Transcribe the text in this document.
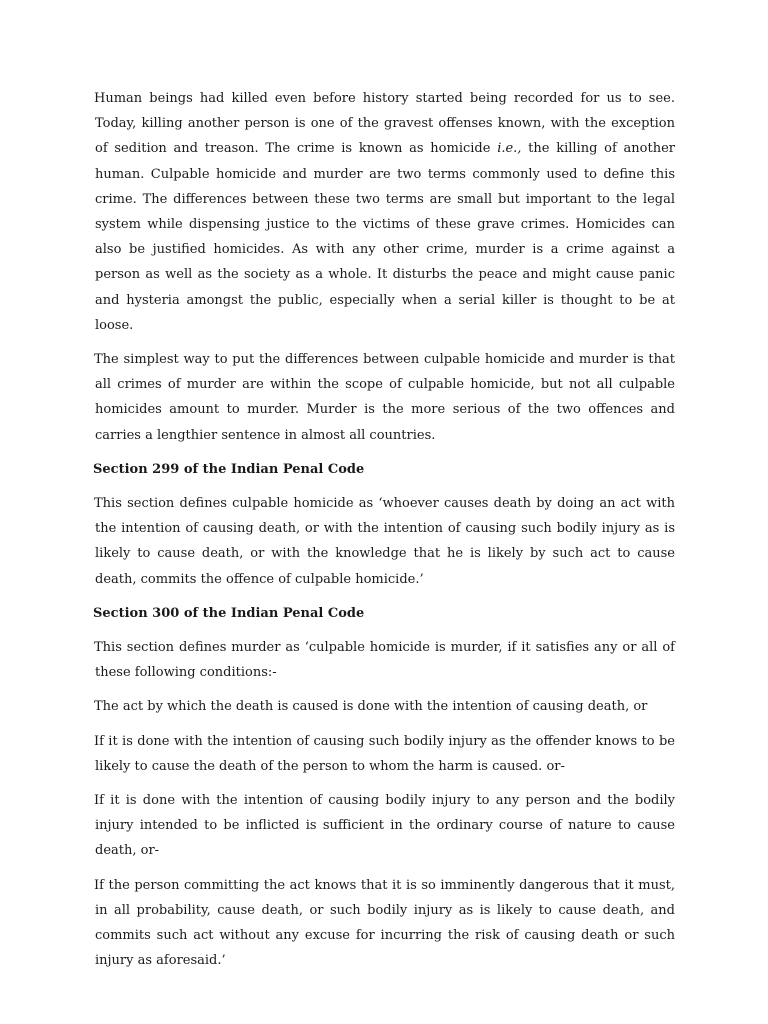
Human beings had killed even before history started being recorded for us to see. Today, killing another person is one of the gravest offenses known, with the exception of sedition and treason. The crime is known as homicide i.e., the killing of another human. Culpable homicide and murder are two terms commonly used to define this crime. The differences between these two terms are small but important to the legal system while dispensing justice to the victims of these grave crimes. Homicides can also be justified homicides. As with any other crime, murder is a crime against a person as well as the society as a whole. It disturbs the peace and might cause panic and hysteria amongst the public, especially when a serial killer is thought to be at loose.

The simplest way to put the differences between culpable homicide and murder is that all crimes of murder are within the scope of culpable homicide, but not all culpable homicides amount to murder. Murder is the more serious of the two offences and carries a lengthier sentence in almost all countries.

Section 299 of the Indian Penal Code

This section defines culpable homicide as ‘whoever causes death by doing an act with the intention of causing death, or with the intention of causing such bodily injury as is likely to cause death, or with the knowledge that he is likely by such act to cause death, commits the offence of culpable homicide.’

Section 300 of the Indian Penal Code

This section defines murder as ‘culpable homicide is murder, if it satisfies any or all of these following conditions:-

The act by which the death is caused is done with the intention of causing death, or

If it is done with the intention of causing such bodily injury as the offender knows to be likely to cause the death of the person to whom the harm is caused. or-

If it is done with the intention of causing bodily injury to any person and the bodily injury intended to be inflicted is sufficient in the ordinary course of nature to cause death, or-

If the person committing the act knows that it is so imminently dangerous that it must, in all probability, cause death, or such bodily injury as is likely to cause death, and commits such act without any excuse for incurring the risk of causing death or such injury as aforesaid.’
